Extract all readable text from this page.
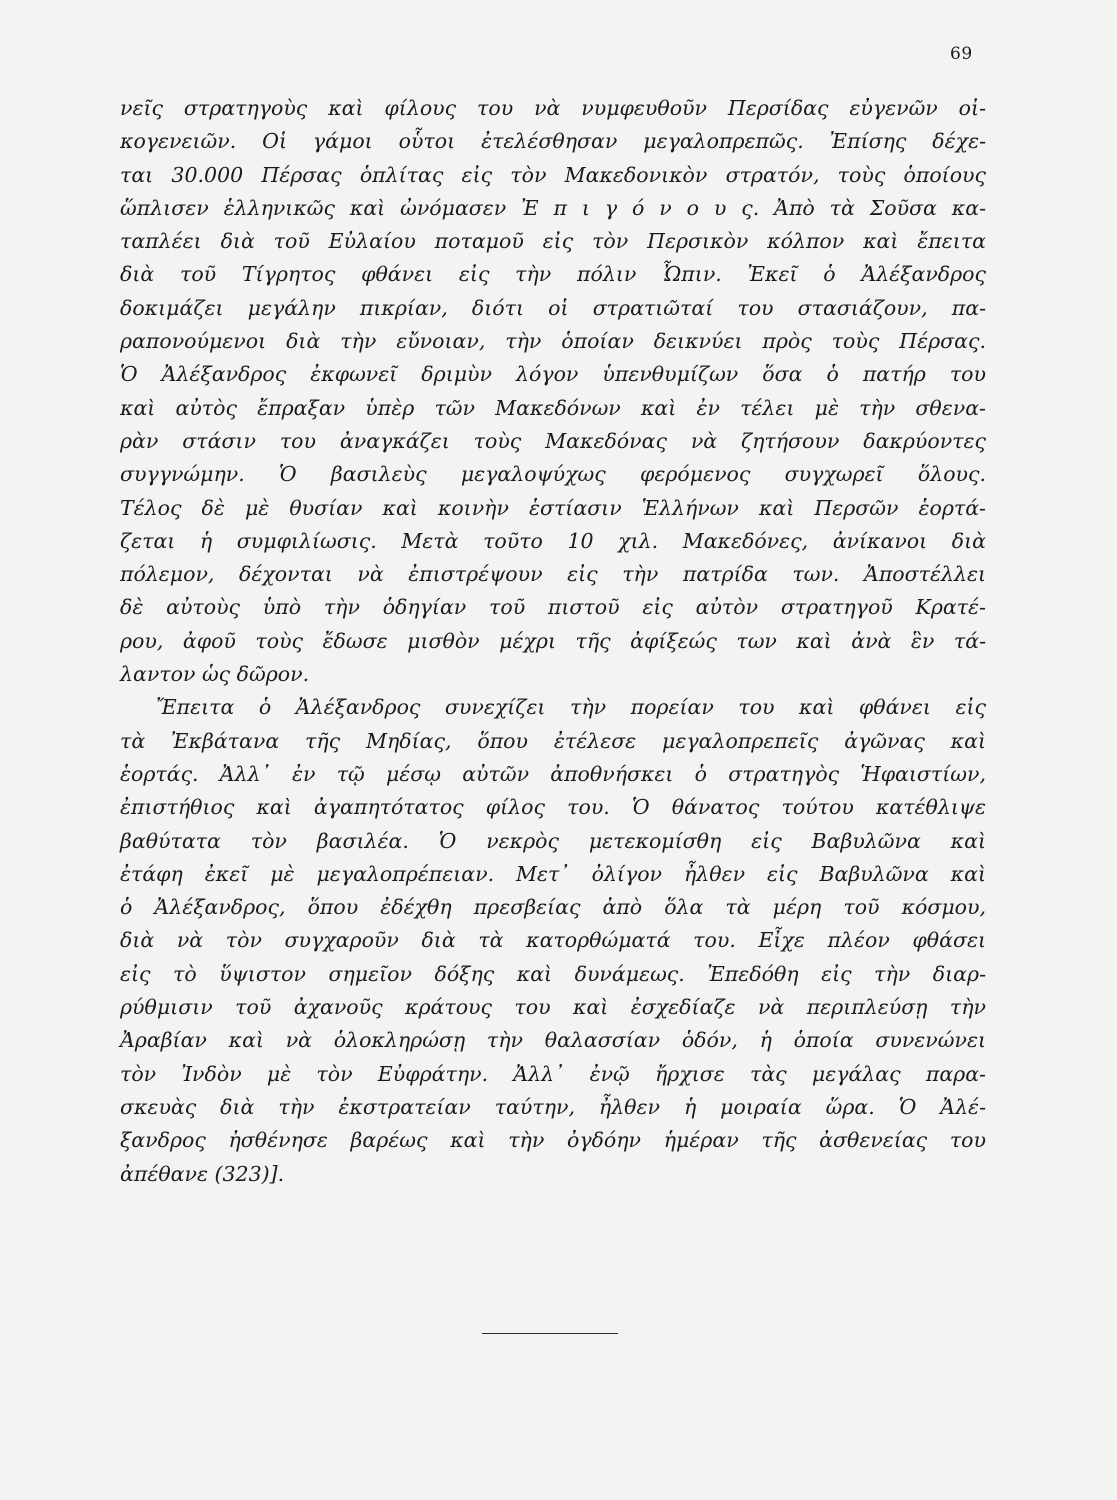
69
νεῖς στρατηγοὺς καὶ φίλους του νὰ νυμφευθοῦν Περσίδας εὐγενῶν οἰ-
κογενειῶν. Οἱ γάμοι οὗτοι ἐτελέσθησαν μεγαλοπρεπῶς. Ἐπίσης δέχε-
ται 30.000 Πέρσας ὁπλίτας εἰς τὸν Μακεδονικὸν στρατόν, τοὺς ὁποίους
ὥπλισεν ἑλληνικῶς καὶ ὠνόμασεν Ἐ π ι γ ό ν ο υ ς. Ἀπὸ τὰ Σοῦσα κα-
ταπλέει διὰ τοῦ Εὐλαίου ποταμοῦ εἰς τὸν Περσικὸν κόλπον καὶ ἔπειτα
διὰ τοῦ Τίγρητος φθάνει εἰς τὴν πόλιν Ὦπιν. Ἐκεῖ ὁ Ἀλέξανδρος
δοκιμάζει μεγάλην πικρίαν, διότι οἱ στρατιῶταί του στασιάζουν, πα-
ραπονούμενοι διὰ τὴν εὔνοιαν, τὴν ὁποίαν δεικνύει πρὸς τοὺς Πέρσας.
Ὁ Ἀλέξανδρος ἐκφωνεῖ δριμὺν λόγον ὑπενθυμίζων ὅσα ὁ πατήρ του
καὶ αὐτὸς ἔπραξαν ὑπὲρ τῶν Μακεδόνων καὶ ἐν τέλει μὲ τὴν σθενα-
ρὰν στάσιν του ἀναγκάζει τοὺς Μακεδόνας νὰ ζητήσουν δακρύοντες
συγγνώμην. Ὁ βασιλεὺς μεγαλοψύχως φερόμενος συγχωρεῖ ὅλους.
Τέλος δὲ μὲ θυσίαν καὶ κοινὴν ἑστίασιν Ἑλλήνων καὶ Περσῶν ἑορτά-
ζεται ἡ συμφιλίωσις. Μετὰ τοῦτο 10 χιλ. Μακεδόνες, ἀνίκανοι διὰ
πόλεμον, δέχονται νὰ ἐπιστρέψουν εἰς τὴν πατρίδα των. Ἀποστέλλει
δὲ αὐτοὺς ὑπὸ τὴν ὁδηγίαν τοῦ πιστοῦ εἰς αὐτὸν στρατηγοῦ Κρατέ-
ρου, ἀφοῦ τοὺς ἔδωσε μισθὸν μέχρι τῆς ἀφίξεώς των καὶ ἀνὰ ἓν τά-
λαντον ὡς δῶρον.
Ἔπειτα ὁ Ἀλέξανδρος συνεχίζει τὴν πορείαν του καὶ φθάνει εἰς
τὰ Ἐκβάτανα τῆς Μηδίας, ὅπου ἐτέλεσε μεγαλοπρεπεῖς ἀγῶνας καὶ
ἑορτάς. Ἀλλ᾽ ἐν τῷ μέσῳ αὐτῶν ἀποθνήσκει ὁ στρατηγὸς Ἡφαιστίων,
ἐπιστήθιος καὶ ἀγαπητότατος φίλος του. Ὁ θάνατος τούτου κατέθλιψε
βαθύτατα τὸν βασιλέα. Ὁ νεκρὸς μετεκομίσθη εἰς Βαβυλῶνα καὶ
ἐτάφη ἐκεῖ μὲ μεγαλοπρέπειαν. Μετ᾽ ὀλίγον ἦλθεν εἰς Βαβυλῶνα καὶ
ὁ Ἀλέξανδρος, ὅπου ἐδέχθη πρεσβείας ἀπὸ ὅλα τὰ μέρη τοῦ κόσμου,
διὰ νὰ τὸν συγχαροῦν διὰ τὰ κατορθώματά του. Εἶχε πλέον φθάσει
εἰς τὸ ὕψιστον σημεῖον δόξης καὶ δυνάμεως. Ἐπεδόθη εἰς τὴν διαρ-
ρύθμισιν τοῦ ἀχανοῦς κράτους του καὶ ἐσχεδίαζε νὰ περιπλεύσῃ τὴν
Ἀραβίαν καὶ νὰ ὁλοκληρώσῃ τὴν θαλασσίαν ὁδόν, ἡ ὁποία συνενώνει
τὸν Ἰνδὸν μὲ τὸν Εὐφράτην. Ἀλλ᾽ ἐνῷ ἤρχισε τὰς μεγάλας παρα-
σκευὰς διὰ τὴν ἐκστρατείαν ταύτην, ἦλθεν ἡ μοιραία ὥρα. Ὁ Ἀλέ-
ξανδρος ἠσθένησε βαρέως καὶ τὴν ὀγδόην ἡμέραν τῆς ἀσθενείας του
ἀπέθανε (323)].
